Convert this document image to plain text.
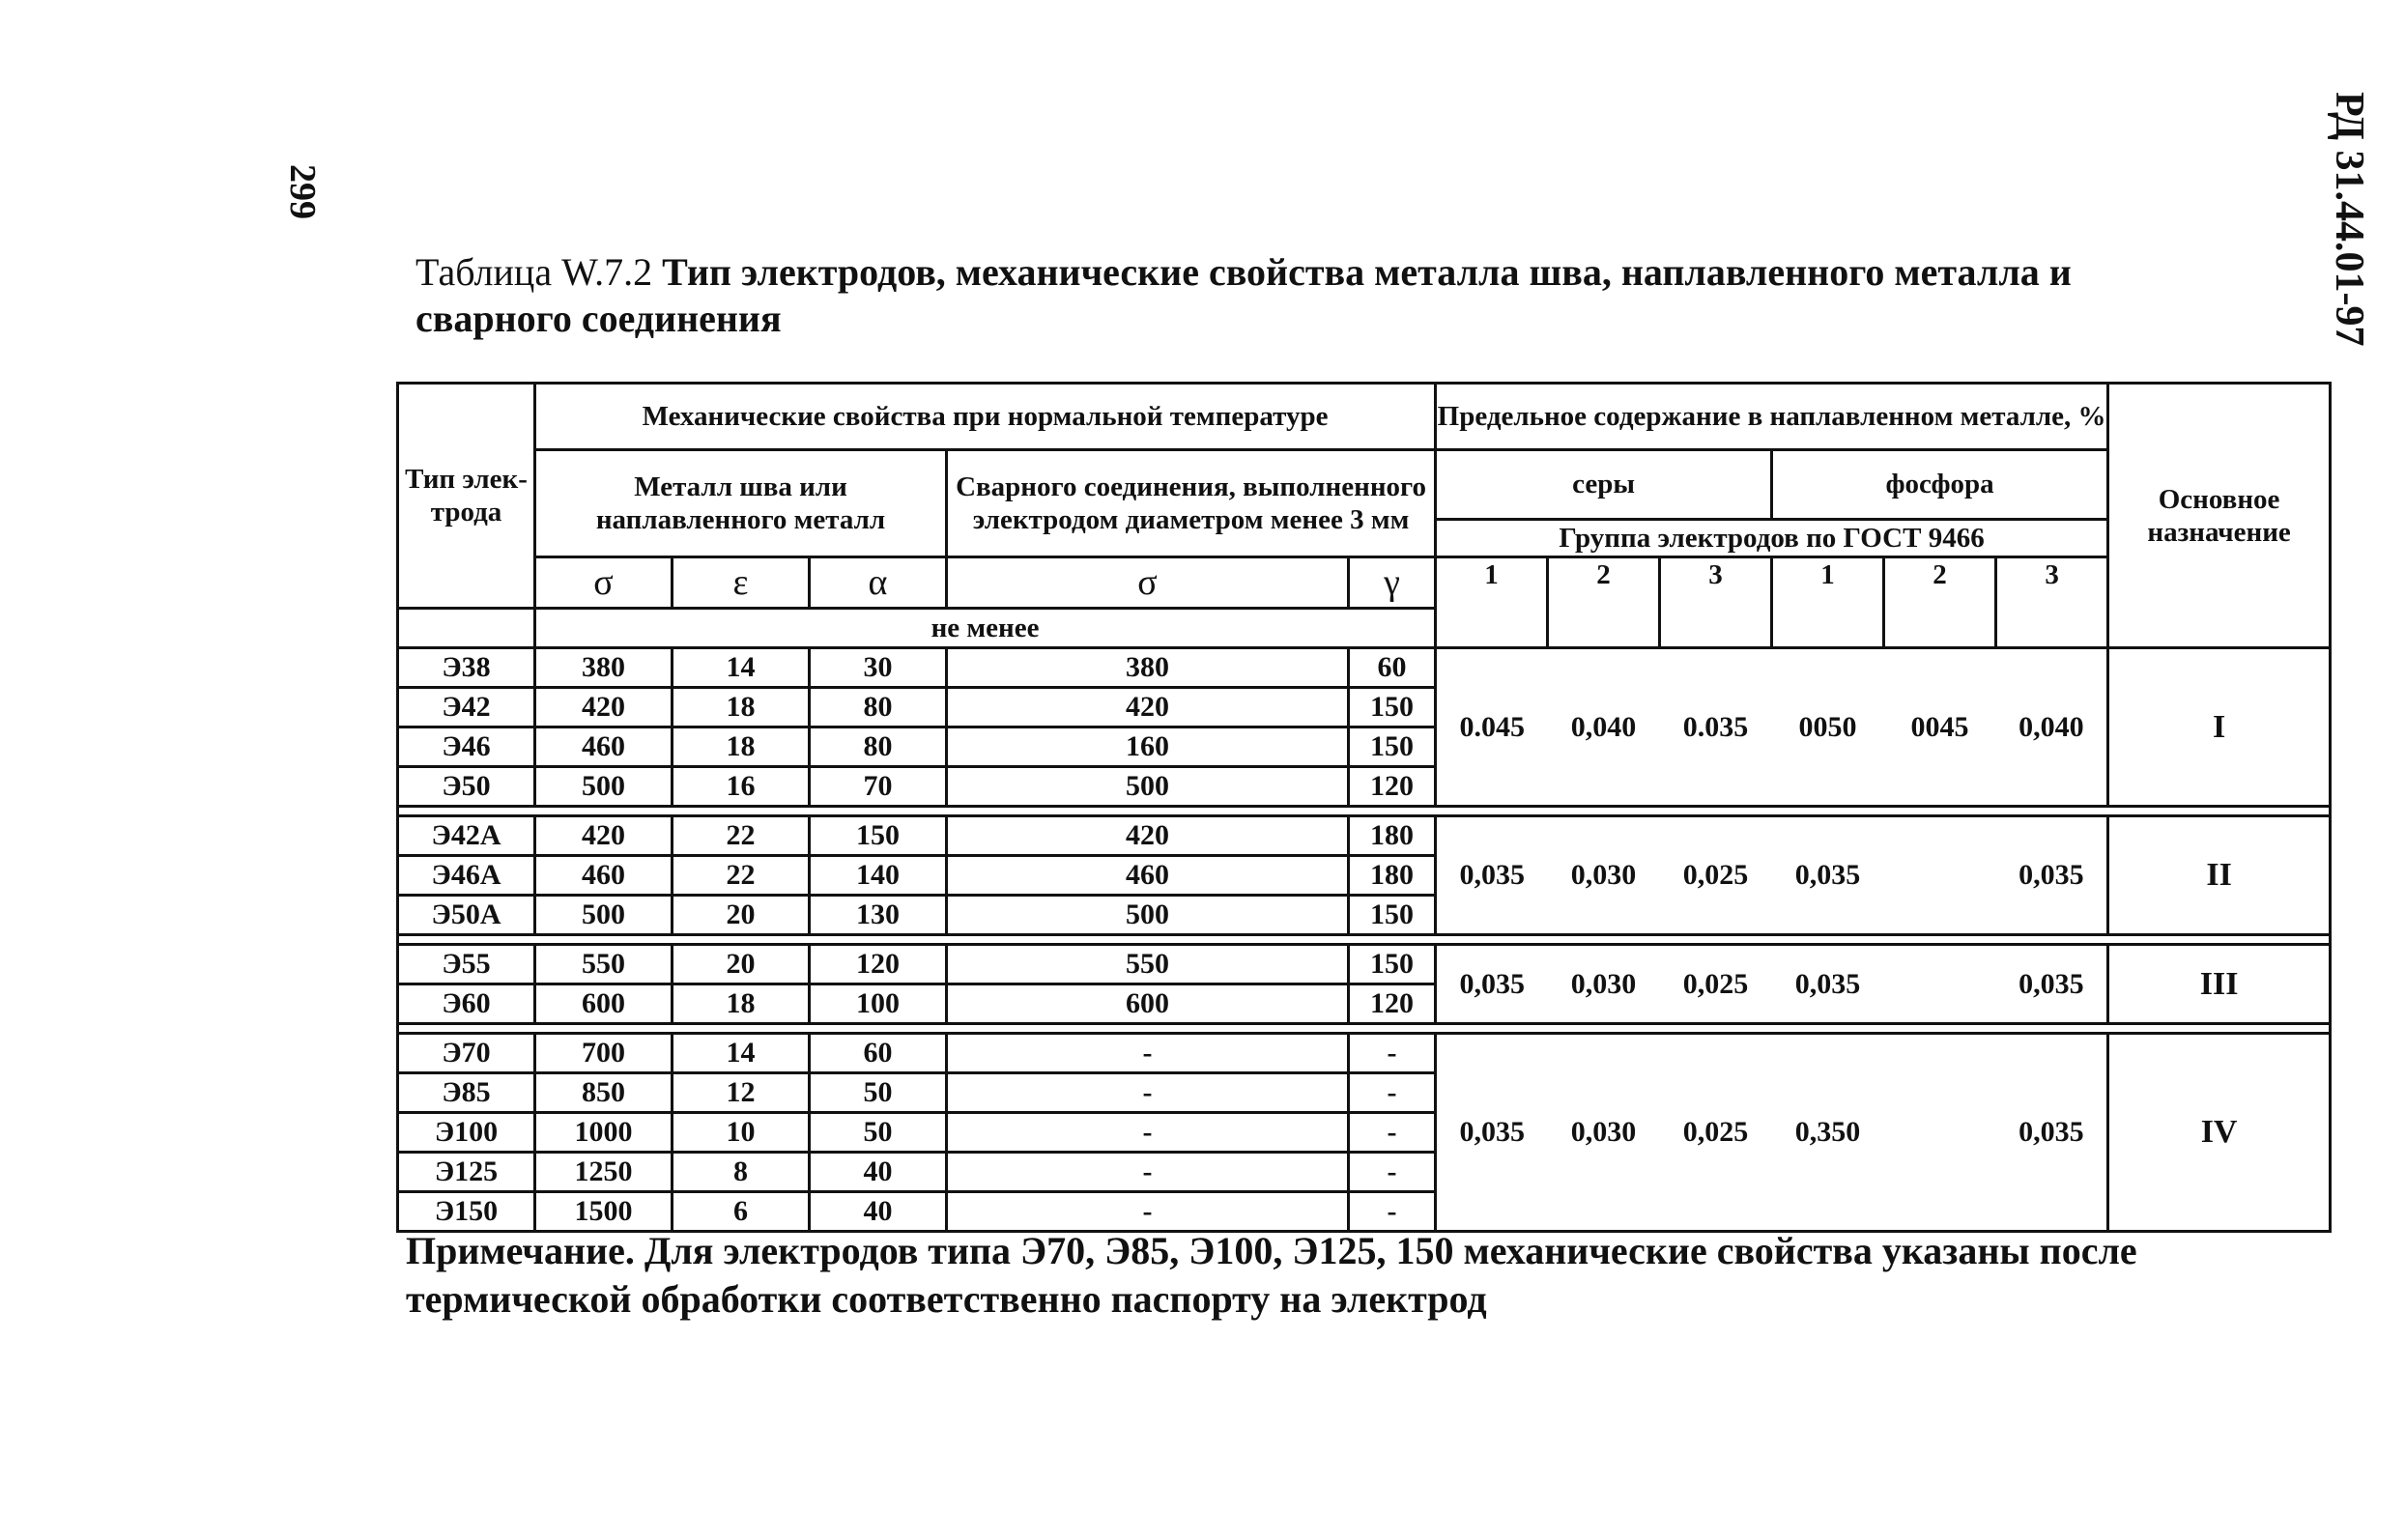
299	РД 31.44.01-97
Таблица W.7.2 Тип электродов, механические свойства металла шва, наплавленного металла и сварного соединения
Тип элек-трода	Механические свойства при нормальной температуре					Предельное содержание в наплавленном металле, %						Основное назначение
	Металл шва или наплавленного металл			Сварного соединения, выполненного электродом диаметром менее 3 мм		серы			фосфора			
						Группа электродов по ГОСТ 9466						
	σ	ε	α	σ	γ	1	2	3	1	2	3	
	не менее											
Э38	380	14	30	380	60	0.045	0,040	0.035	0050	0045	0,040	I
Э42	420	18	80	420	150							
Э46	460	18	80	160	150							
Э50	500	16	70	500	120							

Э42А	420	22	150	420	180	0,035	0,030	0,025	0,035		0,035	II
Э46А	460	22	140	460	180							
Э50А	500	20	130	500	150							

Э55	550	20	120	550	150	0,035	0,030	0,025	0,035		0,035	III
Э60	600	18	100	600	120							

Э70	700	14	60	-	-	0,035	0,030	0,025	0,350		0,035	IV
Э85	850	12	50	-	-							
Э100	1000	10	50	-	-							
Э125	1250	8	40	-	-							
Э150	1500	6	40	-	-							
Примечание. Для электродов типа Э70, Э85, Э100, Э125, 150 механические свойства указаны после термической обработки соответственно паспорту на электрод
